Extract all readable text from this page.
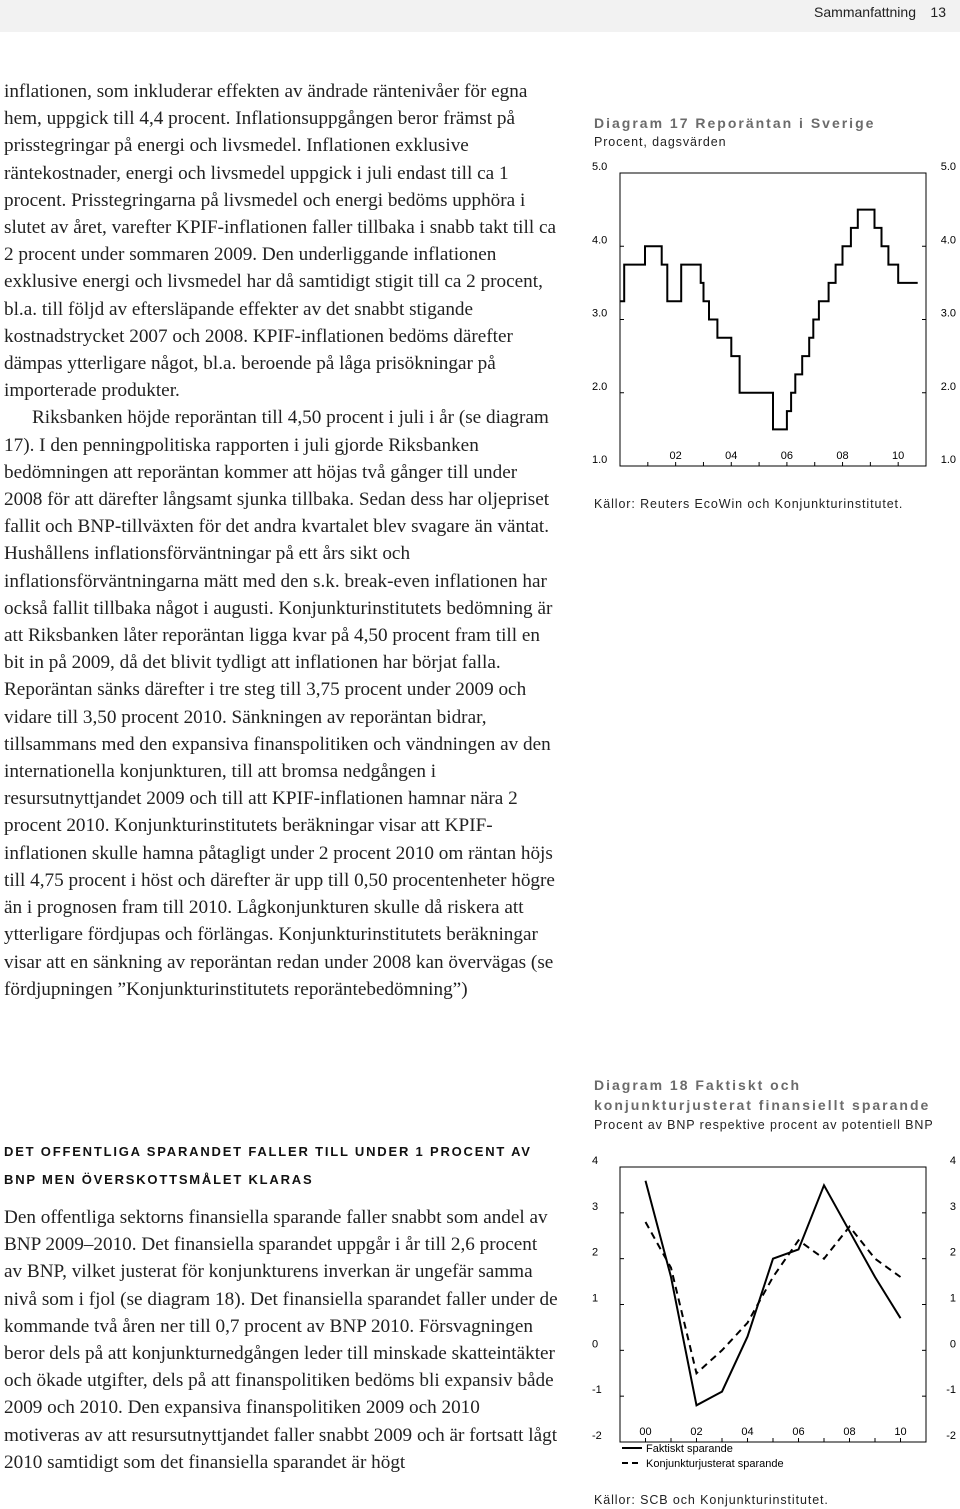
Sammanfattning 13

inflationen, som inkluderar effekten av ändrade räntenivåer för egna hem, uppgick till 4,4 procent. Inflationsuppgången beror främst på prisstegringar på energi och livsmedel. Inflationen exklusive räntekostnader, energi och livsmedel uppgick i juli endast till ca 1 procent. Prisstegringarna på livsmedel och energi bedöms upphöra i slutet av året, varefter KPIF-inflationen faller tillbaka i snabb takt till ca 2 procent under sommaren 2009. Den underliggande inflationen exklusive energi och livsmedel har då samtidigt stigit till ca 2 procent, bl.a. till följd av eftersläpande effekter av det snabbt stigande kostnadstrycket 2007 och 2008. KPIF-inflationen bedöms därefter dämpas ytterligare något, bl.a. beroende på låga prisökningar på importerade produkter.

Riksbanken höjde reporäntan till 4,50 procent i juli i år (se diagram 17). I den penningpolitiska rapporten i juli gjorde Riksbanken bedömningen att reporäntan kommer att höjas två gånger till under 2008 för att därefter långsamt sjunka tillbaka. Sedan dess har oljepriset fallit och BNP-tillväxten för det andra kvartalet blev svagare än väntat. Hushållens inflationsförväntningar på ett års sikt och inflationsförväntningarna mätt med den s.k. break-even inflationen har också fallit tillbaka något i augusti. Konjunkturinstitutets bedömning är att Riksbanken låter reporäntan ligga kvar på 4,50 procent fram till en bit in på 2009, då det blivit tydligt att inflationen har börjat falla. Reporäntan sänks därefter i tre steg till 3,75 procent under 2009 och vidare till 3,50 procent 2010. Sänkningen av reporäntan bidrar, tillsammans med den expansiva finanspolitiken och vändningen av den internationella konjunkturen, till att bromsa nedgången i resursutnyttjandet 2009 och till att KPIF-inflationen hamnar nära 2 procent 2010. Konjunkturinstitutets beräkningar visar att KPIF-inflationen skulle hamna påtagligt under 2 procent 2010 om räntan höjs till 4,75 procent i höst och därefter är upp till 0,50 procentenheter högre än i prognosen fram till 2010. Lågkonjunkturen skulle då riskera att ytterligare fördjupas och förlängas. Konjunkturinstitutets beräkningar visar att en sänkning av reporäntan redan under 2008 kan övervägas (se fördjupningen ”Konjunkturinstitutets reporäntebedömning”)

DET OFFENTLIGA SPARANDET FALLER TILL UNDER 1 PROCENT AV BNP MEN ÖVERSKOTTSMÅLET KLARAS

Den offentliga sektorns finansiella sparande faller snabbt som andel av BNP 2009–2010. Det finansiella sparandet uppgår i år till 2,6 procent av BNP, vilket justerat för konjunkturens inverkan är ungefär samma nivå som i fjol (se diagram 18). Det finansiella sparandet faller under de kommande två åren ner till 0,7 procent av BNP 2010. Försvagningen beror dels på att konjunkturnedgången leder till minskade skatteintäkter och ökade utgifter, dels på att finanspolitiken bedöms bli expansiv både 2009 och 2010. Den expansiva finanspolitiken 2009 och 2010 motiveras av att resursutnyttjandet faller snabbt 2009 och är fortsatt lågt 2010 samtidigt som det finansiella sparandet är högt

Diagram 17 Reporäntan i Sverige

Procent, dagsvärden

5.0
4.0
3.0
2.0
1.0
5.0
4.0
3.0
2.0
1.0
02	04	06	08	10

Källor: Reuters EcoWin och Konjunkturinstitutet.

Diagram 18 Faktiskt och konjunkturjusterat finansiellt sparande

Procent av BNP respektive procent av potentiell BNP

4
3
2
1
0
-1
-2
4
3
2
1
0
-1
-2
00	02	04	06	08	10
Faktiskt sparande
Konjunkturjusterat sparande

Källor: SCB och Konjunkturinstitutet.
